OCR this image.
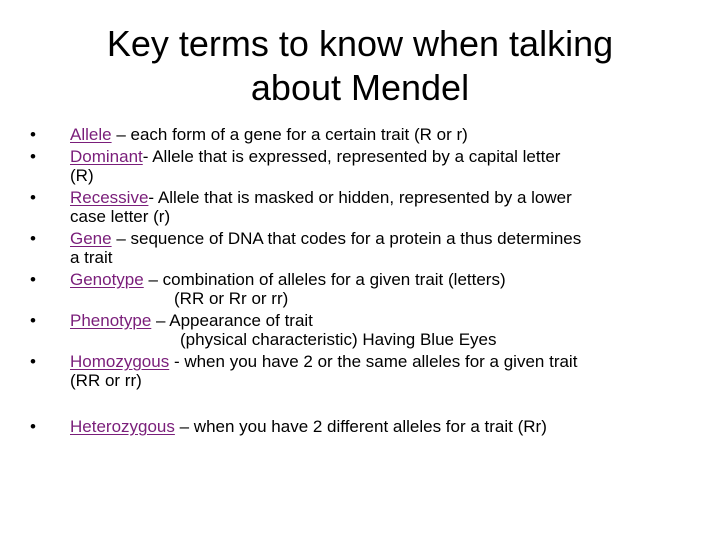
Key terms to know when talking
about Mendel
• Allele – each form of a gene for a certain trait (R or r)
• Dominant- Allele that is expressed, represented by a capital letter
(R)
• Recessive- Allele that is masked or hidden, represented by a lower
case letter (r)
• Gene – sequence of DNA that codes for a protein a thus determines
a trait
• Genotype – combination of alleles for a given trait (letters)
(RR or Rr or rr)
• Phenotype – Appearance of trait
(physical characteristic) Having Blue Eyes
• Homozygous - when you have 2 or the same alleles for a given trait
(RR or rr)
• Heterozygous – when you have 2 different alleles for a trait (Rr)
